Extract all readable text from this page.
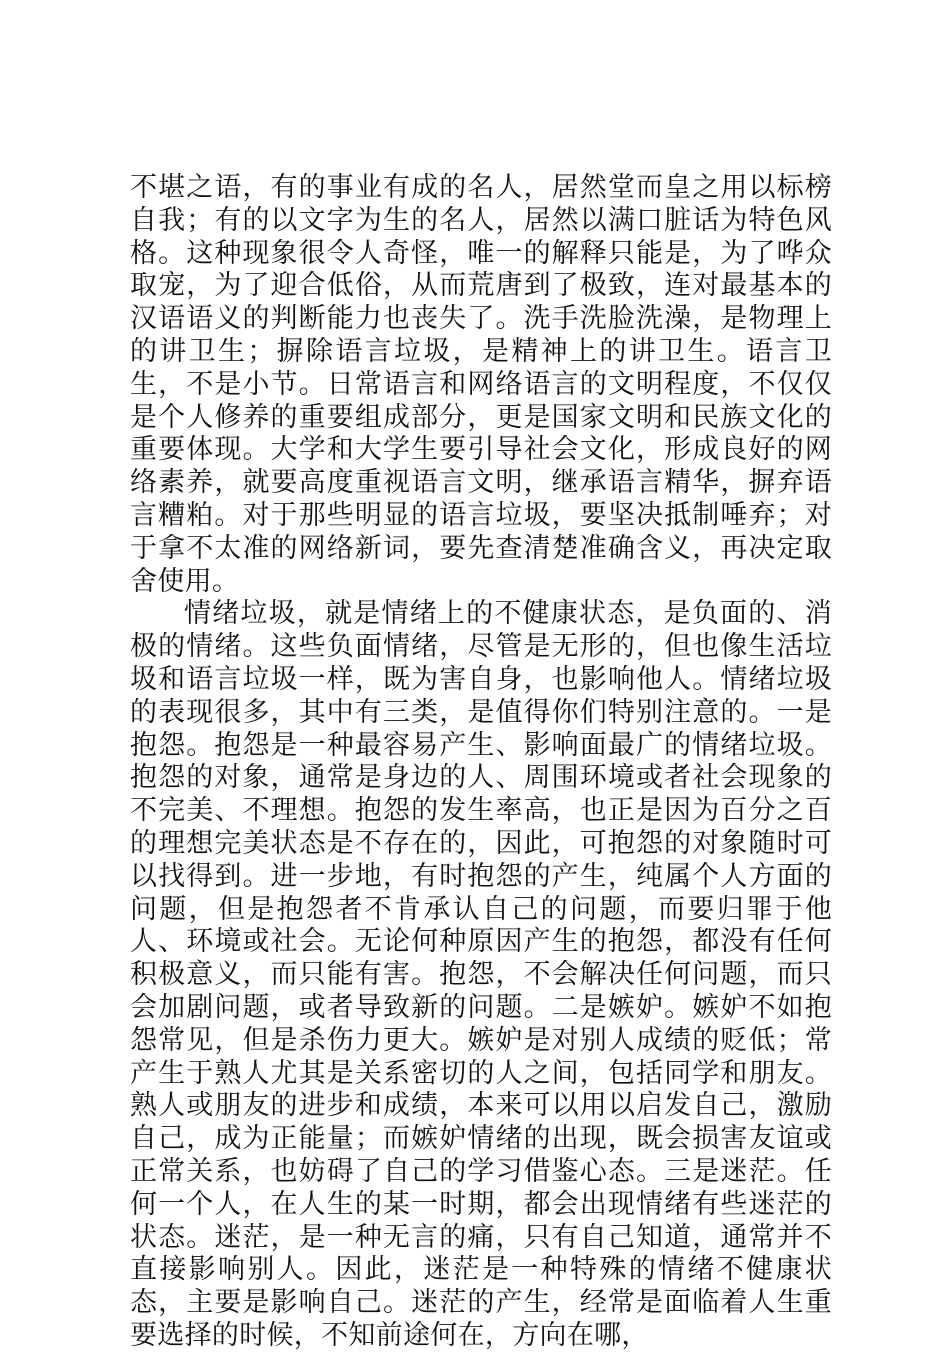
不堪之语，有的事业有成的名人，居然堂而皇之用以标榜自我；有的以文字为生的名人，居然以满口脏话为特色风格。这种现象很令人奇怪，唯一的解释只能是，为了哗众取宠，为了迎合低俗，从而荒唐到了极致，连对最基本的汉语语义的判断能力也丧失了。洗手洗脸洗澡，是物理上的讲卫生；摒除语言垃圾，是精神上的讲卫生。语言卫生，不是小节。日常语言和网络语言的文明程度，不仅仅是个人修养的重要组成部分，更是国家文明和民族文化的重要体现。大学和大学生要引导社会文化，形成良好的网络素养，就要高度重视语言文明，继承语言精华，摒弃语言糟粕。对于那些明显的语言垃圾，要坚决抵制唾弃；对于拿不太准的网络新词，要先查清楚准确含义，再决定取舍使用。

情绪垃圾，就是情绪上的不健康状态，是负面的、消极的情绪。这些负面情绪，尽管是无形的，但也像生活垃圾和语言垃圾一样，既为害自身，也影响他人。情绪垃圾的表现很多，其中有三类，是值得你们特别注意的。一是抱怨。抱怨是一种最容易产生、影响面最广的情绪垃圾。抱怨的对象，通常是身边的人、周围环境或者社会现象的不完美、不理想。抱怨的发生率高，也正是因为百分之百的理想完美状态是不存在的，因此，可抱怨的对象随时可以找得到。进一步地，有时抱怨的产生，纯属个人方面的问题，但是抱怨者不肯承认自己的问题，而要归罪于他人、环境或社会。无论何种原因产生的抱怨，都没有任何积极意义，而只能有害。抱怨，不会解决任何问题，而只会加剧问题，或者导致新的问题。二是嫉妒。嫉妒不如抱怨常见，但是杀伤力更大。嫉妒是对别人成绩的贬低；常产生于熟人尤其是关系密切的人之间，包括同学和朋友。熟人或朋友的进步和成绩，本来可以用以启发自己，激励自己，成为正能量；而嫉妒情绪的出现，既会损害友谊或正常关系，也妨碍了自己的学习借鉴心态。三是迷茫。任何一个人，在人生的某一时期，都会出现情绪有些迷茫的状态。迷茫，是一种无言的痛，只有自己知道，通常并不直接影响别人。因此，迷茫是一种特殊的情绪不健康状态，主要是影响自己。迷茫的产生，经常是面临着人生重要选择的时候，不知前途何在，方向在哪，
